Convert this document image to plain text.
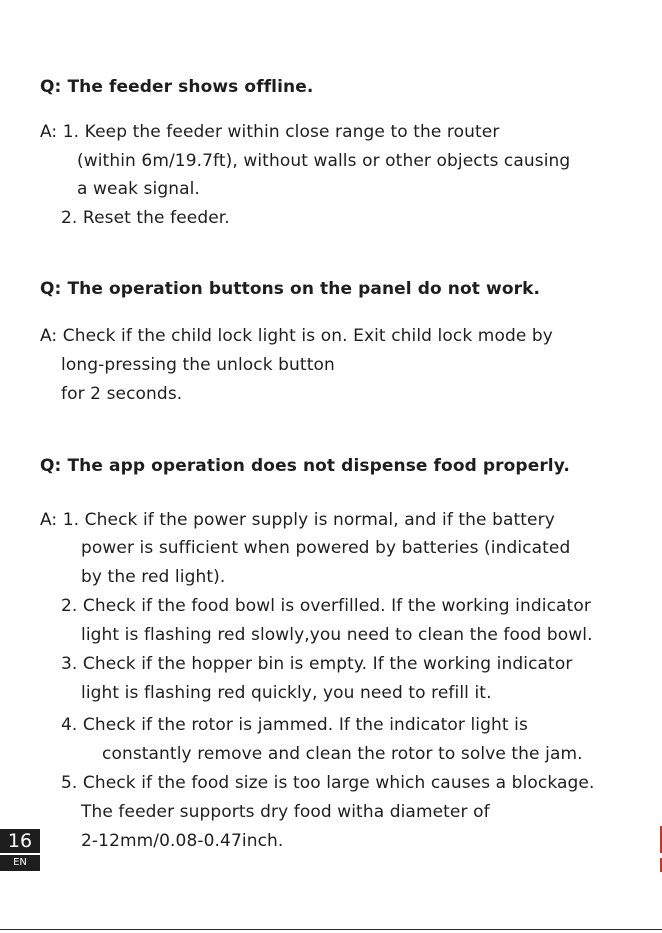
Q: The feeder shows offline.
A: 1. Keep the feeder within close range to the router
(within 6m/19.7ft), without walls or other objects causing
a weak signal.
2. Reset the feeder.
Q: The operation buttons on the panel do not work.
A: Check if the child lock light is on. Exit child lock mode by
long-pressing the unlock button
for 2 seconds.
Q: The app operation does not dispense food properly.
A: 1. Check if the power supply is normal, and if the battery
power is sufficient when powered by batteries (indicated
by the red light).
2. Check if the food bowl is overfilled. If the working indicator
light is flashing red slowly,you need to clean the food bowl.
3. Check if the hopper bin is empty. If the working indicator
light is flashing red quickly, you need to refill it.
4. Check if the rotor is jammed. If the indicator light is
constantly remove and clean the rotor to solve the jam.
5. Check if the food size is too large which causes a blockage.
The feeder supports dry food witha diameter of
2-12mm/0.08-0.47inch.
16
EN
